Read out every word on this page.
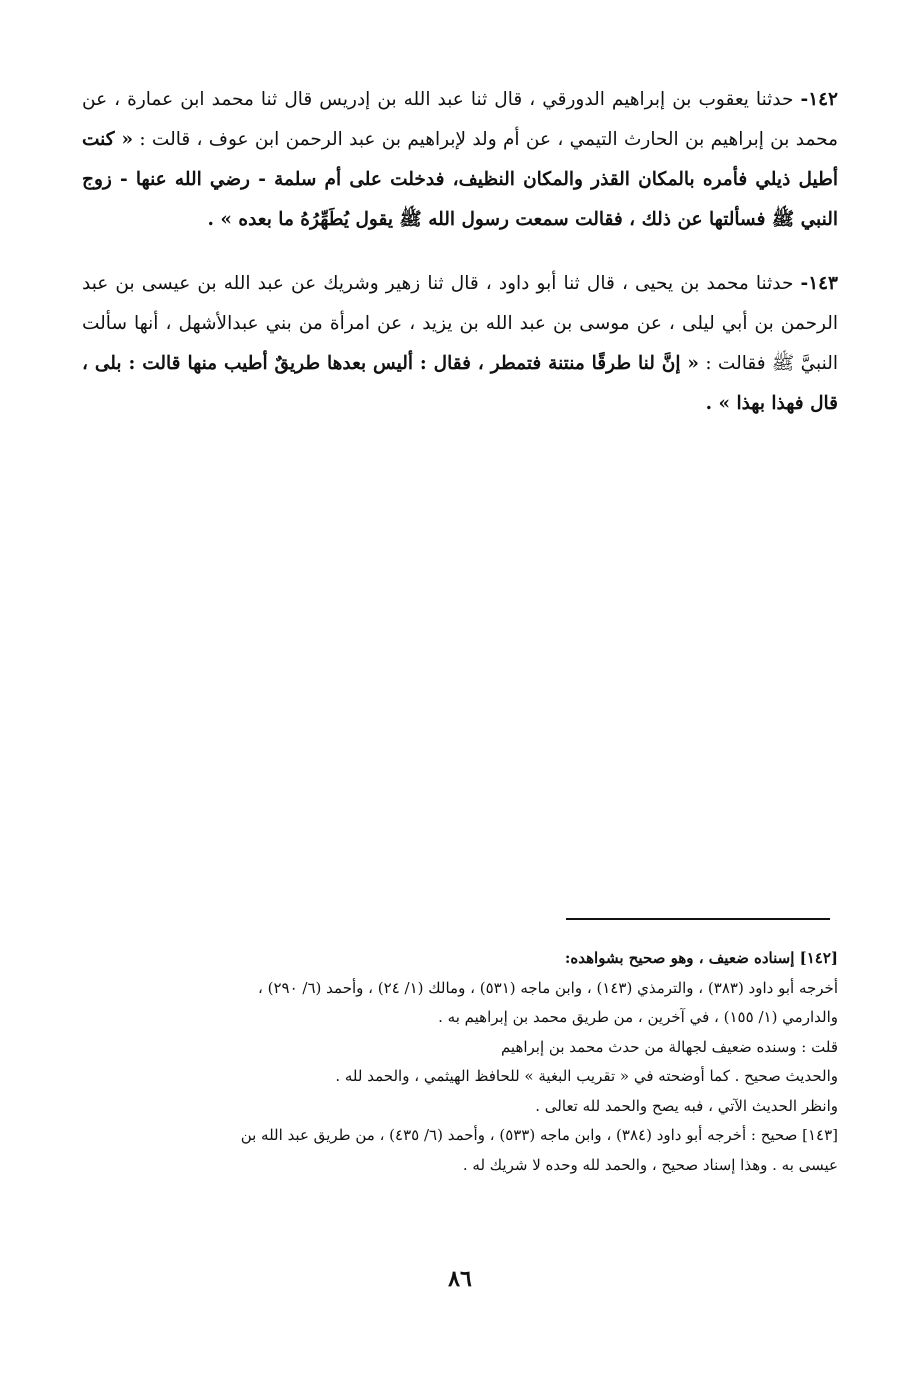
١٤٢- حدثنا يعقوب بن إبراهيم الدورقي ، قال ثنا عبد الله بن إدريس قال ثنا محمد ابن عمارة ، عن محمد بن إبراهيم بن الحارث التيمي ، عن أم ولد لإبراهيم بن عبد الرحمن ابن عوف ، قالت : « كنت أطيل ذيلي فأمره بالمكان القذر والمكان النظيف، فدخلت على أم سلمة - رضي الله عنها - زوج النبي ﷺ فسألتها عن ذلك ، فقالت سمعت رسول الله ﷺ يقول يُطَهِّرُهُ ما بعده » .

١٤٣- حدثنا محمد بن يحيى ، قال ثنا أبو داود ، قال ثنا زهير وشريك عن عبد الله بن عيسى بن عبد الرحمن بن أبي ليلى ، عن موسى بن عبد الله بن يزيد ، عن امرأة من بني عبدالأشهل ، أنها سألت النبيَّ ﷺ فقالت : « إنَّ لنا طرقًا منتنة فتمطر ، فقال : أليس بعدها طريقٌ أطيب منها قالت : بلى ، قال فهذا بهذا » .

[١٤٢] إسناده ضعيف ، وهو صحيح بشواهده:
أخرجه أبو داود (٣٨٣) ، والترمذي (١٤٣) ، وابن ماجه (٥٣١) ، ومالك (١/ ٢٤) ، وأحمد (٦/ ٢٩٠) ،
والدارمي (١/ ١٥٥) ، في آخرين ، من طريق محمد بن إبراهيم به .
قلت : وسنده ضعيف لجهالة من حدث محمد بن إبراهيم
والحديث صحيح . كما أوضحته في « تقريب البغية » للحافظ الهيثمي ، والحمد لله .
وانظر الحديث الآتي ، فبه يصح والحمد لله تعالى .
[١٤٣] صحيح : أخرجه أبو داود (٣٨٤) ، وابن ماجه (٥٣٣) ، وأحمد (٦/ ٤٣٥) ، من طريق عبد الله بن
عيسى به . وهذا إسناد صحيح ، والحمد لله وحده لا شريك له .
٨٦
